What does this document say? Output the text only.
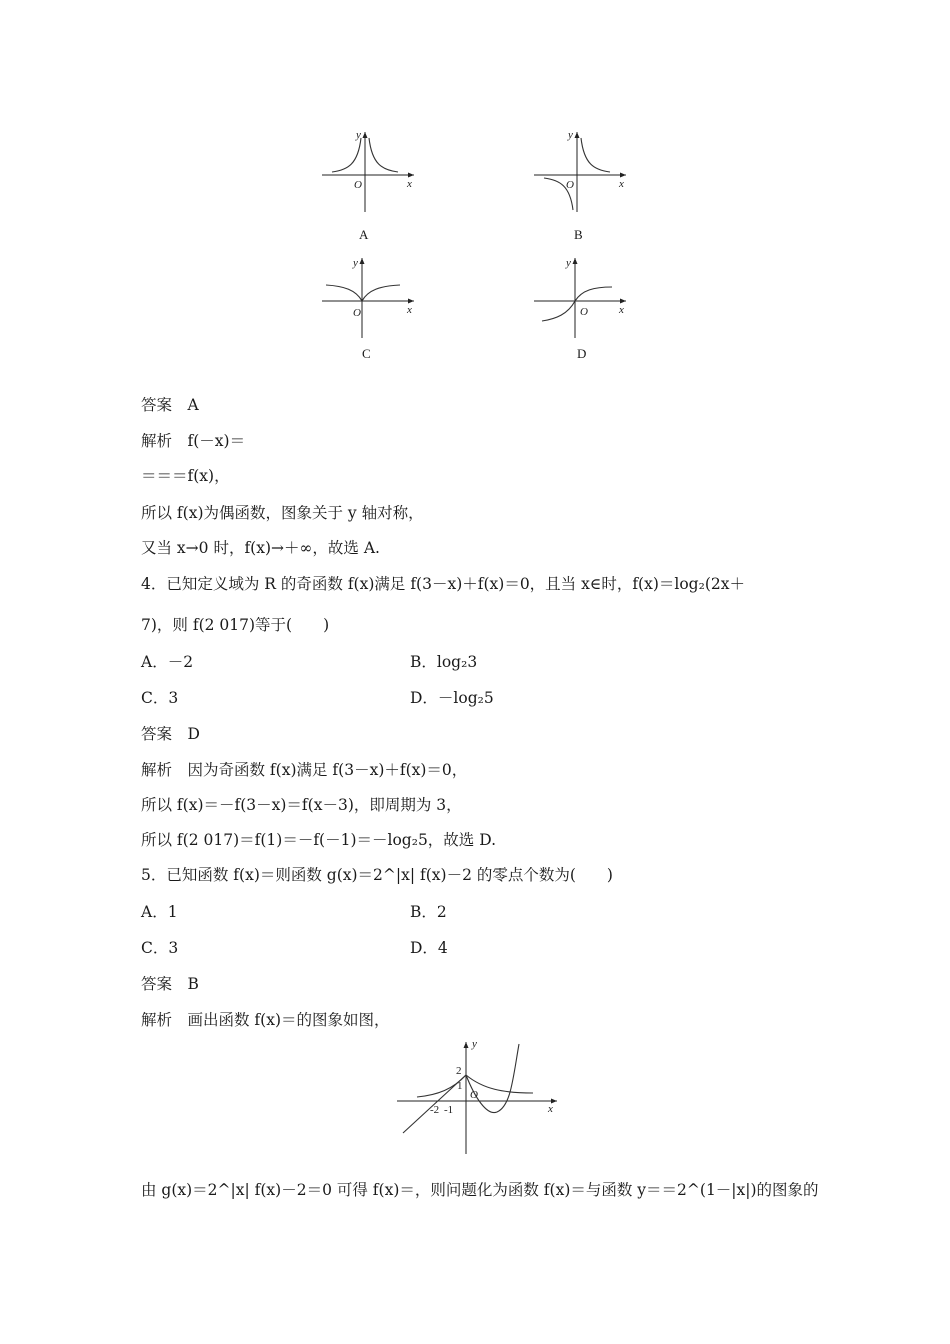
y
x
O
A
y
x
O
B
y
x
O
C
y
x
O
D
答案　A
解析　f(－x)＝
＝＝＝f(x)，
所以 f(x)为偶函数，图象关于 y 轴对称，
又当 x→0 时，f(x)→＋∞，故选 A.
4．已知定义域为 R 的奇函数 f(x)满足 f(3－x)＋f(x)＝0，且当 x∈时，f(x)＝log₂(2x＋
7)，则 f(2 017)等于(　　)
A．－2	B．log₂3
C．3	D．－log₂5
答案　D
解析　因为奇函数 f(x)满足 f(3－x)＋f(x)＝0，
所以 f(x)＝－f(3－x)＝f(x－3)，即周期为 3，
所以 f(2 017)＝f(1)＝－f(－1)＝－log₂5，故选 D.
5．已知函数 f(x)＝则函数 g(x)＝2^|x| f(x)－2 的零点个数为(　　)
A．1	B．2
C．3	D．4
答案　B
解析　画出函数 f(x)＝的图象如图，
y
x
O
2
1
-2 -1
由 g(x)＝2^|x| f(x)－2＝0 可得 f(x)＝，则问题化为函数 f(x)＝与函数 y＝＝2^(1－|x|)的图象的
